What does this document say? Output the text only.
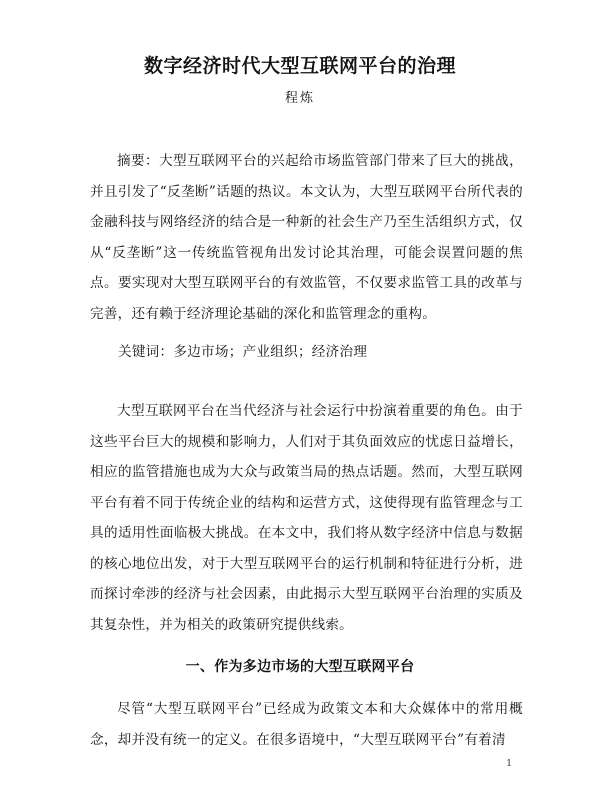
数字经济时代大型互联网平台的治理
程炼

摘要：大型互联网平台的兴起给市场监管部门带来了巨大的挑战，并且引发了“反垄断”话题的热议。本文认为，大型互联网平台所代表的金融科技与网络经济的结合是一种新的社会生产乃至生活组织方式，仅从“反垄断”这一传统监管视角出发讨论其治理，可能会误置问题的焦点。要实现对大型互联网平台的有效监管，不仅要求监管工具的改革与完善，还有赖于经济理论基础的深化和监管理念的重构。

关键词：多边市场；产业组织；经济治理

大型互联网平台在当代经济与社会运行中扮演着重要的角色。由于这些平台巨大的规模和影响力，人们对于其负面效应的忧虑日益增长，相应的监管措施也成为大众与政策当局的热点话题。然而，大型互联网平台有着不同于传统企业的结构和运营方式，这使得现有监管理念与工具的适用性面临极大挑战。在本文中，我们将从数字经济中信息与数据的核心地位出发，对于大型互联网平台的运行机制和特征进行分析，进而探讨牵涉的经济与社会因素，由此揭示大型互联网平台治理的实质及其复杂性，并为相关的政策研究提供线索。

一、作为多边市场的大型互联网平台

尽管“大型互联网平台”已经成为政策文本和大众媒体中的常用概念，却并没有统一的定义。在很多语境中，“大型互联网平台”有着清

1
